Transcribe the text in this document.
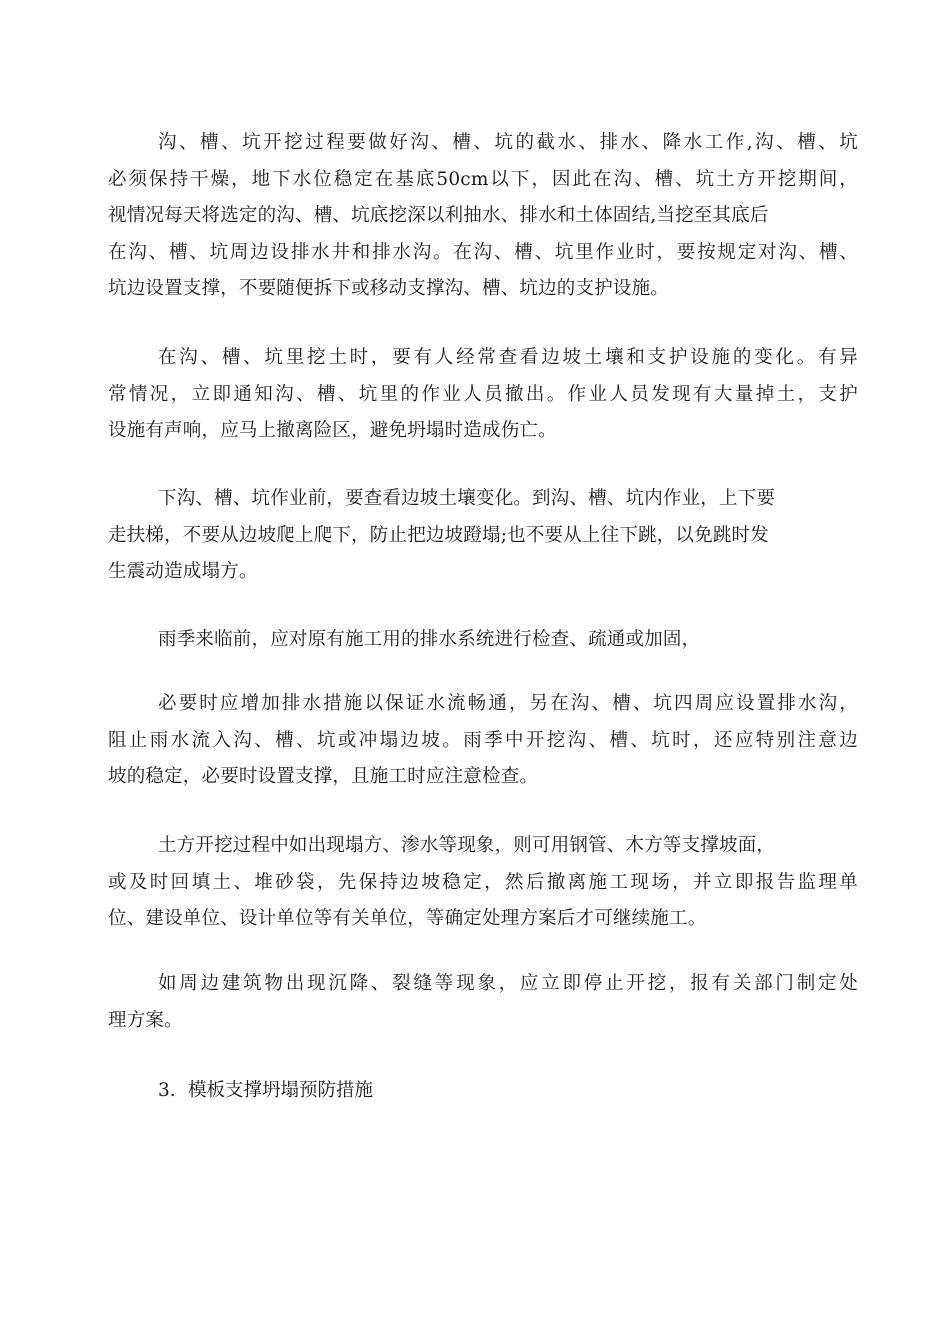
沟、槽、坑开挖过程要做好沟、槽、坑的截水、排水、降水工作,沟、槽、坑
必须保持干燥，地下水位稳定在基底50cm以下，因此在沟、槽、坑土方开挖期间，
视情况每天将选定的沟、槽、坑底挖深以利抽水、排水和土体固结,当挖至其底后
在沟、槽、坑周边设排水井和排水沟。在沟、槽、坑里作业时，要按规定对沟、槽、
坑边设置支撑，不要随便拆下或移动支撑沟、槽、坑边的支护设施。

在沟、槽、坑里挖土时，要有人经常查看边坡土壤和支护设施的变化。有异
常情况，立即通知沟、槽、坑里的作业人员撤出。作业人员发现有大量掉土，支护
设施有声响，应马上撤离险区，避免坍塌时造成伤亡。

下沟、槽、坑作业前，要查看边坡土壤变化。到沟、槽、坑内作业，上下要
走扶梯，不要从边坡爬上爬下，防止把边坡蹬塌;也不要从上往下跳，以免跳时发
生震动造成塌方。

雨季来临前，应对原有施工用的排水系统进行检查、疏通或加固，

必要时应增加排水措施以保证水流畅通，另在沟、槽、坑四周应设置排水沟，
阻止雨水流入沟、槽、坑或冲塌边坡。雨季中开挖沟、槽、坑时，还应特别注意边
坡的稳定，必要时设置支撑，且施工时应注意检查。

土方开挖过程中如出现塌方、渗水等现象，则可用钢管、木方等支撑坡面，
或及时回填土、堆砂袋，先保持边坡稳定，然后撤离施工现场，并立即报告监理单
位、建设单位、设计单位等有关单位，等确定处理方案后才可继续施工。

如周边建筑物出现沉降、裂缝等现象，应立即停止开挖，报有关部门制定处
理方案。

3. 模板支撑坍塌预防措施
